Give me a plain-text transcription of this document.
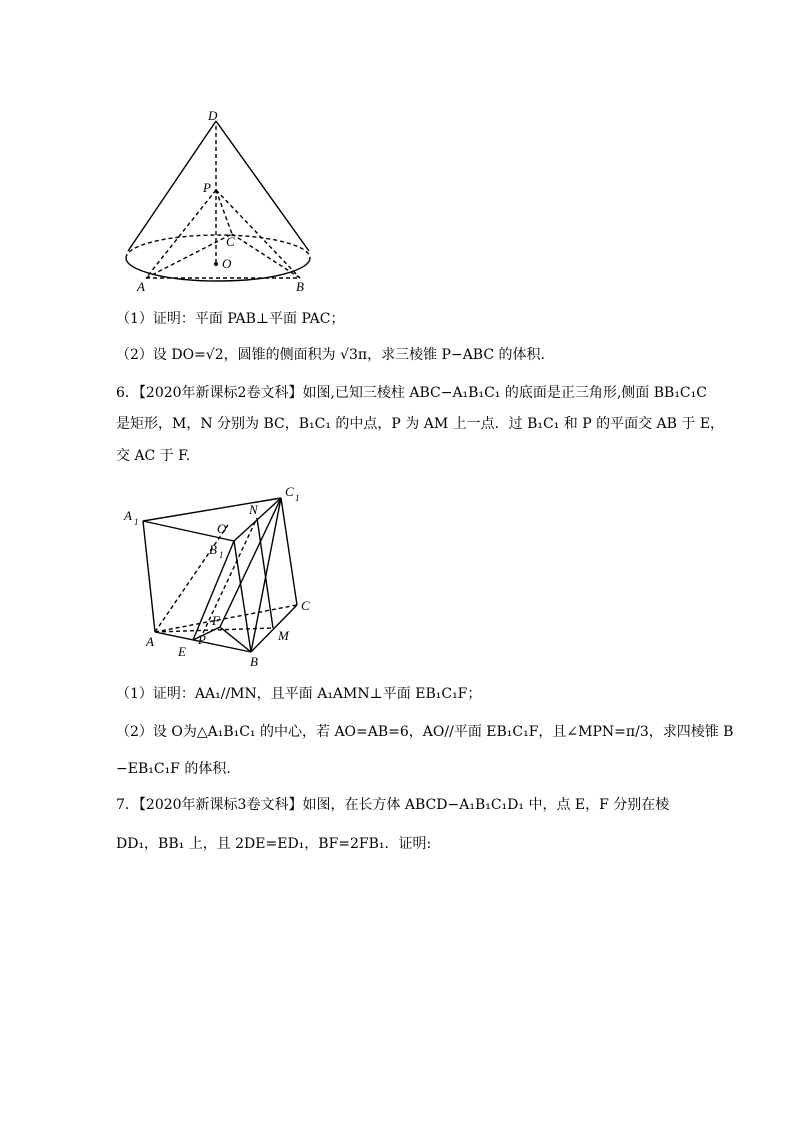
D
P
C
O
A	B
（1）证明：平面 PAB⊥平面 PAC；
（2）设 DO=√2，圆锥的侧面积为 √3π，求三棱锥 P−ABC 的体积.
6．【2020年新课标2卷文科】如图,已知三棱柱 ABC−A₁B₁C₁ 的底面是正三角形,侧面 BB₁C₁C
是矩形，M，N 分别为 BC，B₁C₁ 的中点，P 为 AM 上一点．过 B₁C₁ 和 P 的平面交 AB 于 E，
交 AC 于 F.
A 1
C 1
N
O
B 1
F
P
C
A
E
M
B
（1）证明：AA₁//MN，且平面 A₁AMN⊥平面 EB₁C₁F；
（2）设 O为△A₁B₁C₁ 的中心，若 AO=AB=6，AO//平面 EB₁C₁F，且∠MPN=π/3，求四棱锥 B
−EB₁C₁F 的体积.
7．【2020年新课标3卷文科】如图，在长方体 ABCD−A₁B₁C₁D₁ 中，点 E，F 分别在棱
DD₁，BB₁ 上，且 2DE=ED₁，BF=2FB₁．证明:
